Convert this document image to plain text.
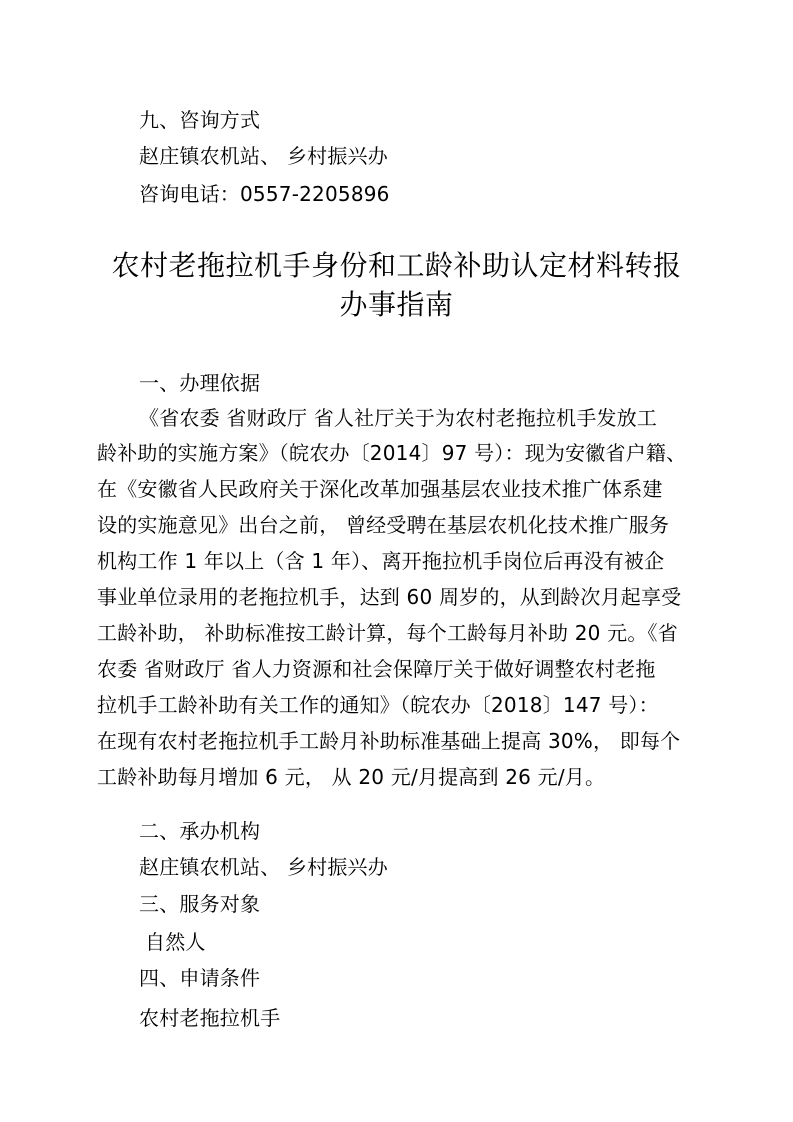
九、咨询方式
赵庄镇农机站、 乡村振兴办
咨询电话：0557-2205896
农村老拖拉机手身份和工龄补助认定材料转报
办事指南
一、办理依据
《省农委 省财政厅 省人社厅关于为农村老拖拉机手发放工
龄补助的实施方案》（皖农办〔2014〕97 号）：现为安徽省户籍、
在《安徽省人民政府关于深化改革加强基层农业技术推广体系建
设的实施意见》出台之前， 曾经受聘在基层农机化技术推广服务
机构工作 1 年以上（含 1 年）、离开拖拉机手岗位后再没有被企
事业单位录用的老拖拉机手，达到 60 周岁的，从到龄次月起享受
工龄补助， 补助标准按工龄计算，每个工龄每月补助 20 元。《省
农委 省财政厅 省人力资源和社会保障厅关于做好调整农村老拖
拉机手工龄补助有关工作的通知》（皖农办〔2018〕147 号）：
在现有农村老拖拉机手工龄月补助标准基础上提高 30%， 即每个
工龄补助每月增加 6 元， 从 20 元/月提高到 26 元/月。
二、承办机构
赵庄镇农机站、 乡村振兴办
三、服务对象
自然人
四、申请条件
农村老拖拉机手
